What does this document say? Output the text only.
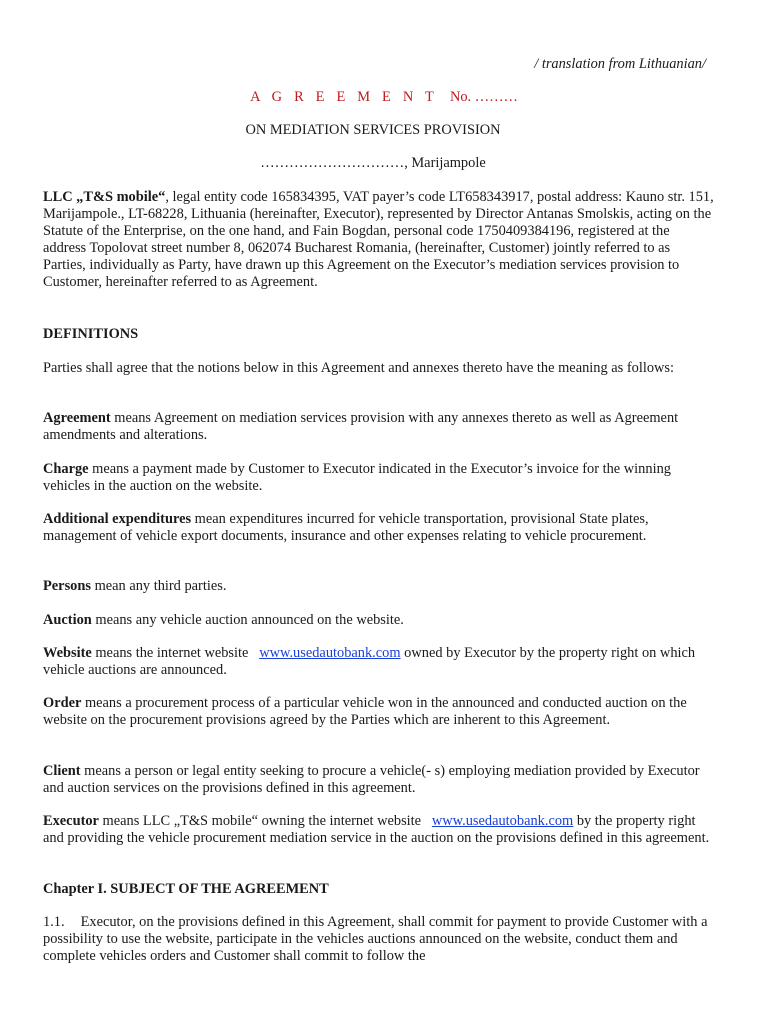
/ translation from Lithuanian/
A G R E E M E N T No. ………
ON MEDIATION SERVICES PROVISION
…………………………, Marijampole

LLC „T&S mobile“, legal entity code 165834395, VAT payer’s code LT658343917, postal address: Kauno str. 151, Marijampole., LT-68228, Lithuania (hereinafter, Executor), represented by Director Antanas Smolskis, acting on the Statute of the Enterprise, on the one hand, and Fain Bogdan, personal code 1750409384196, registered at the address Topolovat street number 8, 062074 Bucharest Romania, (hereinafter, Customer) jointly referred to as Parties, individually as Party, have drawn up this Agreement on the Executor’s mediation services provision to Customer, hereinafter referred to as Agreement.

DEFINITIONS

Parties shall agree that the notions below in this Agreement and annexes thereto have the meaning as follows:

Agreement means Agreement on mediation services provision with any annexes thereto as well as Agreement amendments and alterations.

Charge means a payment made by Customer to Executor indicated in the Executor’s invoice for the winning vehicles in the auction on the website.

Additional expenditures mean expenditures incurred for vehicle transportation, provisional State plates, management of vehicle export documents, insurance and other expenses relating to vehicle procurement.

Persons mean any third parties.

Auction means any vehicle auction announced on the website.

Website means the internet website   www.usedautobank.com owned by Executor by the property right on which vehicle auctions are announced.

Order means a procurement process of a particular vehicle won in the announced and conducted auction on the website on the procurement provisions agreed by the Parties which are inherent to this Agreement.

Client means a person or legal entity seeking to procure a vehicle(- s) employing mediation provided by Executor and auction services on the provisions defined in this agreement.

Executor means LLC „T&S mobile“ owning the internet website   www.usedautobank.com by the property right and providing the vehicle procurement mediation service in the auction on the provisions defined in this agreement.

Chapter I. SUBJECT OF THE AGREEMENT

1.1. Executor, on the provisions defined in this Agreement, shall commit for payment to provide Customer with a possibility to use the website, participate in the vehicles auctions announced on the website, conduct them and complete vehicles orders and Customer shall commit to follow the
